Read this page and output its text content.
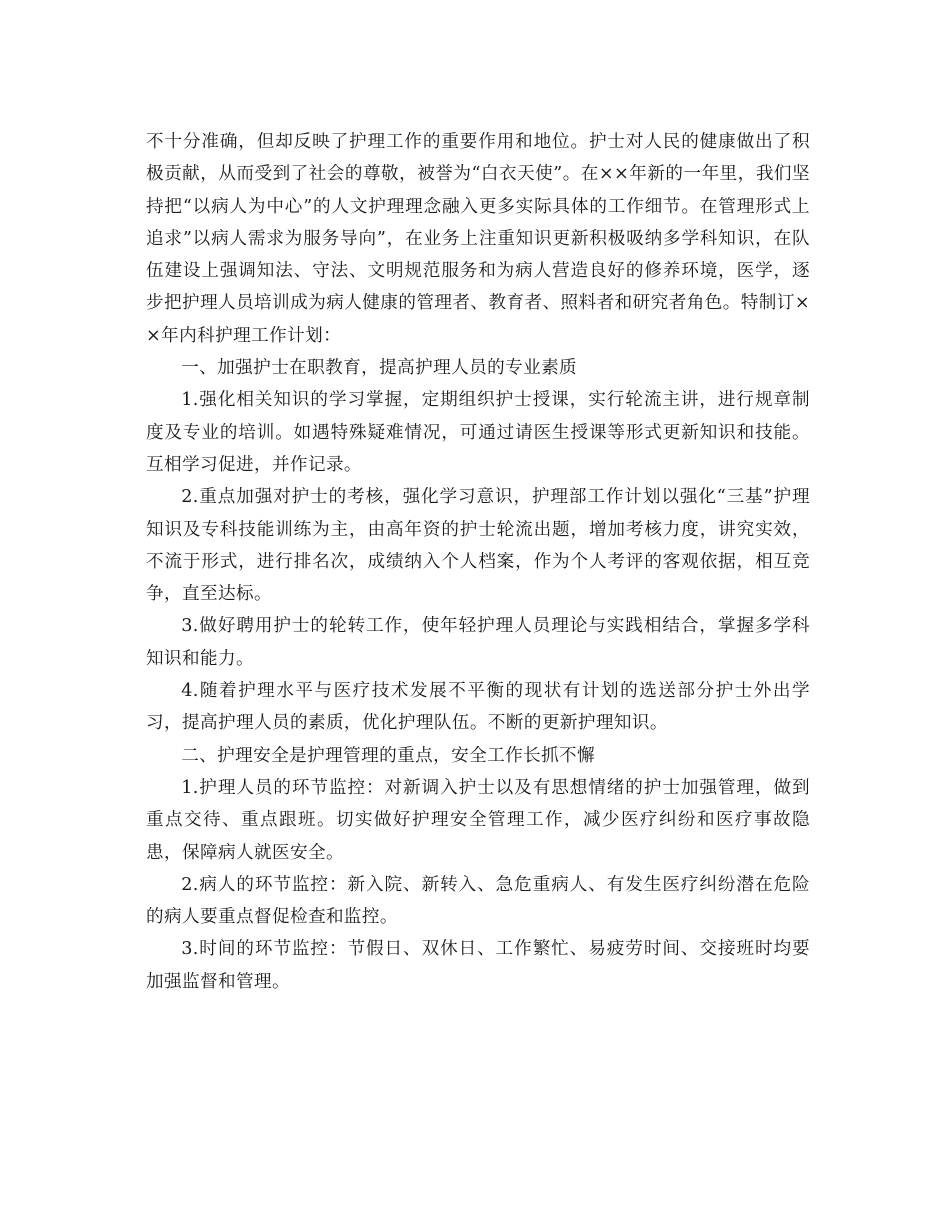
不十分准确，但却反映了护理工作的重要作用和地位。护士对人民的健康做出了积极贡献，从而受到了社会的尊敬，被誉为“白衣天使”。在××年新的一年里，我们坚持把“以病人为中心”的人文护理理念融入更多实际具体的工作细节。在管理形式上追求”以病人需求为服务导向”，在业务上注重知识更新积极吸纳多学科知识，在队伍建设上强调知法、守法、文明规范服务和为病人营造良好的修养环境，医学，逐步把护理人员培训成为病人健康的管理者、教育者、照料者和研究者角色。特制订××年内科护理工作计划：

一、加强护士在职教育，提高护理人员的专业素质

1.强化相关知识的学习掌握，定期组织护士授课，实行轮流主讲，进行规章制度及专业的培训。如遇特殊疑难情况，可通过请医生授课等形式更新知识和技能。互相学习促进，并作记录。

2.重点加强对护士的考核，强化学习意识，护理部工作计划以强化“三基”护理知识及专科技能训练为主，由高年资的护士轮流出题，增加考核力度，讲究实效，不流于形式，进行排名次，成绩纳入个人档案，作为个人考评的客观依据，相互竞争，直至达标。

3.做好聘用护士的轮转工作，使年轻护理人员理论与实践相结合，掌握多学科知识和能力。

4.随着护理水平与医疗技术发展不平衡的现状有计划的选送部分护士外出学习，提高护理人员的素质，优化护理队伍。不断的更新护理知识。

二、护理安全是护理管理的重点，安全工作长抓不懈

1.护理人员的环节监控：对新调入护士以及有思想情绪的护士加强管理，做到重点交待、重点跟班。切实做好护理安全管理工作，减少医疗纠纷和医疗事故隐患，保障病人就医安全。

2.病人的环节监控：新入院、新转入、急危重病人、有发生医疗纠纷潜在危险的病人要重点督促检查和监控。

3.时间的环节监控：节假日、双休日、工作繁忙、易疲劳时间、交接班时均要加强监督和管理。
